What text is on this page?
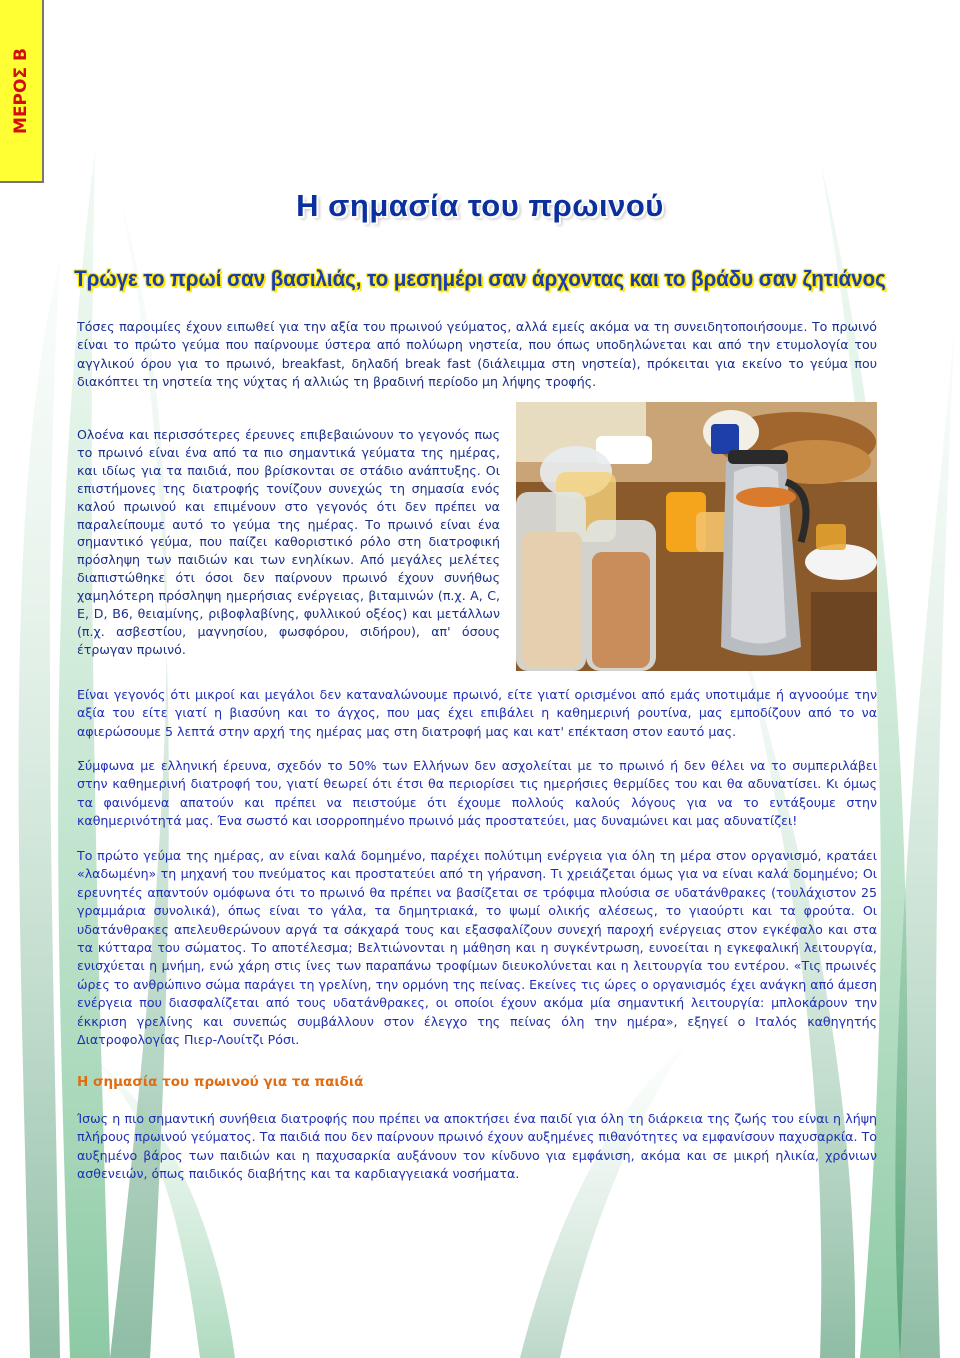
ΜΕΡΟΣ Β
Η σημασία του πρωινού
Τρώγε το πρωί σαν βασιλιάς, το μεσημέρι σαν άρχοντας και το βράδυ σαν ζητιάνος

Τόσες παροιμίες έχουν ειπωθεί για την αξία του πρωινού γεύματος, αλλά εμείς ακόμα να τη συνειδητοποιήσουμε. Το πρωινό είναι το πρώτο γεύμα που παίρνουμε ύστερα από πολύωρη νηστεία, που όπως υποδηλώνεται και από την ετυμολογία του αγγλικού όρου για το πρωινό, breakfast, δηλαδή break fast (διάλειμμα στη νηστεία), πρόκειται για εκείνο το γεύμα που διακόπτει τη νηστεία της νύχτας ή αλλιώς τη βραδινή περίοδο μη λήψης τροφής.

Ολοένα και περισσότερες έρευνες επιβεβαιώνουν το γεγονός πως το πρωινό είναι ένα από τα πιο σημαντικά γεύματα της ημέρας, και ιδίως για τα παιδιά, που βρίσκονται σε στάδιο ανάπτυξης. Οι επιστήμονες της διατροφής τονίζουν συνεχώς τη σημασία ενός καλού πρωινού και επιμένουν στο γεγονός ότι δεν πρέπει να παραλείπουμε αυτό το γεύμα της ημέρας. Το πρωινό είναι ένα σημαντικό γεύμα, που παίζει καθοριστικό ρόλο στη διατροφική πρόσληψη των παιδιών και των ενηλίκων. Από μεγάλες μελέτες διαπιστώθηκε ότι όσοι δεν παίρνουν πρωινό έχουν συνήθως χαμηλότερη πρόσληψη ημερήσιας ενέργειας, βιταμινών (π.χ. A, C, E, D, B6, θειαμίνης, ριβοφλαβίνης, φυλλικού οξέος) και μετάλλων (π.χ. ασβεστίου, μαγνησίου, φωσφόρου, σιδήρου), απ' όσους έτρωγαν πρωινό.

Είναι γεγονός ότι μικροί και μεγάλοι δεν καταναλώνουμε πρωινό, είτε γιατί ορισμένοι από εμάς υποτιμάμε ή αγνοούμε την αξία του είτε γιατί η βιασύνη και το άγχος, που μας έχει επιβάλει η καθημερινή ρουτίνα, μας εμποδίζουν από το να αφιερώσουμε 5 λεπτά στην αρχή της ημέρας μας στη διατροφή μας και κατ' επέκταση στον εαυτό μας.

Σύμφωνα με ελληνική έρευνα, σχεδόν το 50% των Ελλήνων δεν ασχολείται με το πρωινό ή δεν θέλει να το συμπεριλάβει στην καθημερινή διατροφή του, γιατί θεωρεί ότι έτσι θα περιορίσει τις ημερήσιες θερμίδες του και θα αδυνατίσει. Κι όμως τα φαινόμενα απατούν και πρέπει να πειστούμε ότι έχουμε πολλούς καλούς λόγους για να το εντάξουμε στην καθημερινότητά μας. Ένα σωστό και ισορροπημένο πρωινό μάς προστατεύει, μας δυναμώνει και μας αδυνατίζει!

Το πρώτο γεύμα της ημέρας, αν είναι καλά δομημένο, παρέχει πολύτιμη ενέργεια για όλη τη μέρα στον οργανισμό, κρατάει «λαδωμένη» τη μηχανή του πνεύματος και προστατεύει από τη γήρανση. Τι χρειάζεται όμως για να είναι καλά δομημένο; Οι ερευνητές απαντούν ομόφωνα ότι το πρωινό θα πρέπει να βασίζεται σε τρόφιμα πλούσια σε υδατάνθρακες (τουλάχιστον 25 γραμμάρια συνολικά), όπως είναι το γάλα, τα δημητριακά, το ψωμί ολικής αλέσεως, το γιαούρτι και τα φρούτα. Οι υδατάνθρακες απελευθερώνουν αργά τα σάκχαρά τους και εξασφαλίζουν συνεχή παροχή ενέργειας στον εγκέφαλο και στα τα κύτταρα του σώματος. Το αποτέλεσμα; Βελτιώνονται η μάθηση και η συγκέντρωση, ευνοείται η εγκεφαλική λειτουργία, ενισχύεται η μνήμη, ενώ χάρη στις ίνες των παραπάνω τροφίμων διευκολύνεται και η λειτουργία του εντέρου. «Τις πρωινές ώρες το ανθρώπινο σώμα παράγει τη γρελίνη, την ορμόνη της πείνας. Εκείνες τις ώρες ο οργανισμός έχει ανάγκη από άμεση ενέργεια που διασφαλίζεται από τους υδατάνθρακες, οι οποίοι έχουν ακόμα μία σημαντική λειτουργία: μπλοκάρουν την έκκριση γρελίνης και συνεπώς συμβάλλουν στον έλεγχο της πείνας όλη την ημέρα», εξηγεί ο Ιταλός καθηγητής Διατροφολογίας Πιερ-Λουίτζι Ρόσι.

Η σημασία του πρωινού για τα παιδιά

Ίσως η πιο σημαντική συνήθεια διατροφής που πρέπει να αποκτήσει ένα παιδί για όλη τη διάρκεια της ζωής του είναι η λήψη πλήρους πρωινού γεύματος. Τα παιδιά που δεν παίρνουν πρωινό έχουν αυξημένες πιθανότητες να εμφανίσουν παχυσαρκία. Το αυξημένο βάρος των παιδιών και η παχυσαρκία αυξάνουν τον κίνδυνο για εμφάνιση, ακόμα και σε μικρή ηλικία, χρόνιων ασθενειών, όπως παιδικός διαβήτης και τα καρδιαγγειακά νοσήματα.
